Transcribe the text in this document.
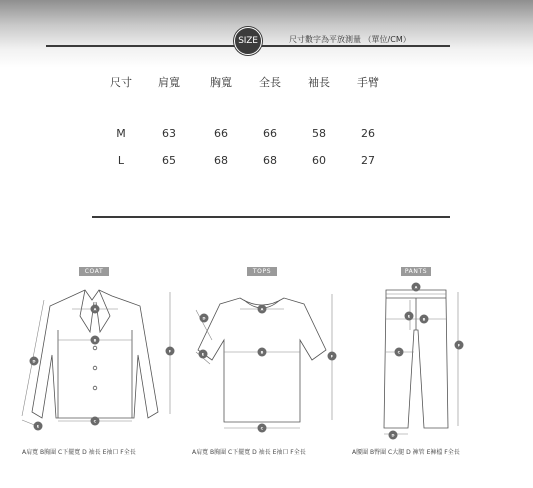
SIZE	尺寸數字為平放測量 （單位/CM）
尺寸	肩寬	胸寬	全長	袖長	手臂
M	63	66	66	58	26
L	65	68	68	60	27
COAT	TOPS	PANTS
A
B
C
D
E
F
A
B
C
D
E	F
A
B
C
D
E
F
A肩寬 B胸圍 C下擺寬 D 袖長 E袖口 F全長	A肩寬 B胸圍 C下擺寬 D 袖長 E袖口 F全長	A腰圍 B臀圍 C大腿 D 褲管 E褲檔 F全長
